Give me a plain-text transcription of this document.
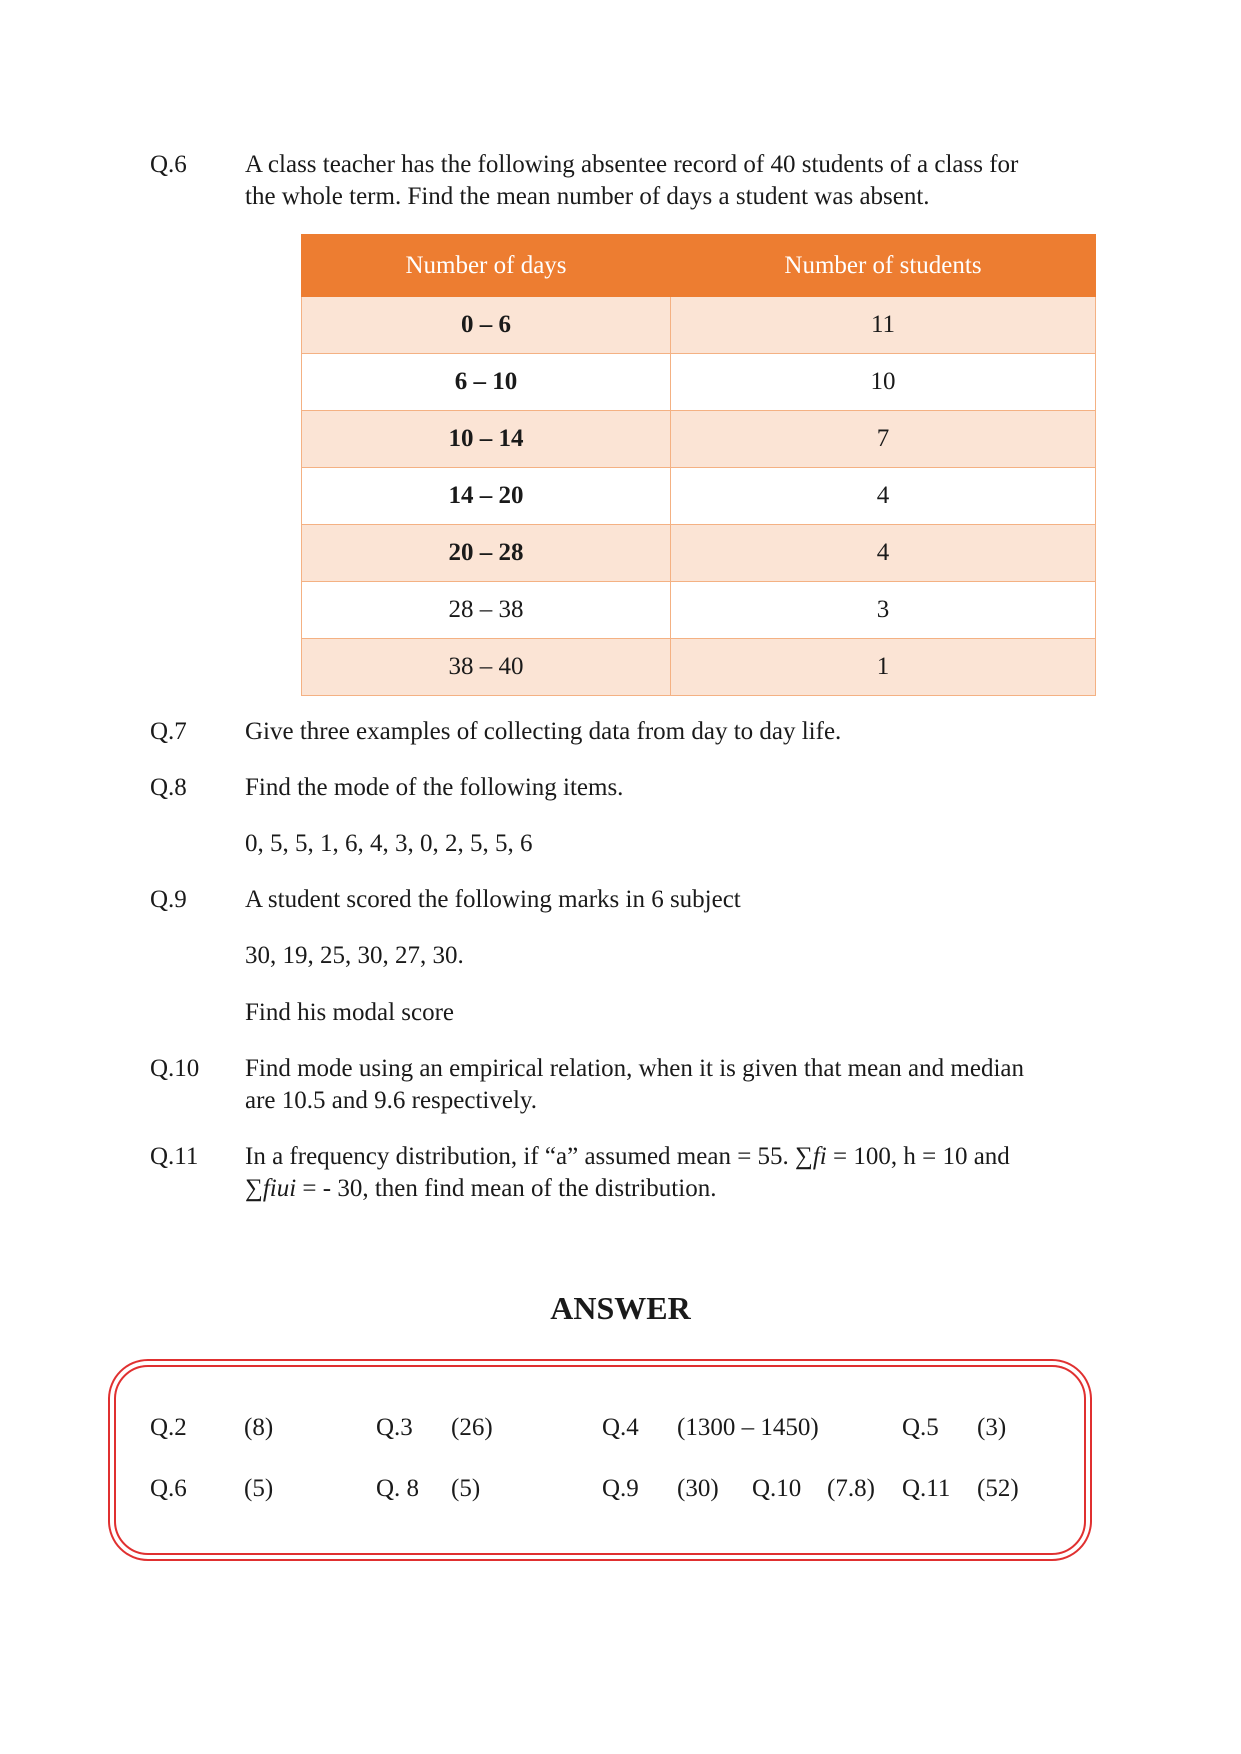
Q.6 A class teacher has the following absentee record of 40 students of a class for

the whole term. Find the mean number of days a student was absent.

Number of days	Number of students
0 – 6	11
6 – 10	10
10 – 14	7
14 – 20	4
20 – 28	4
28 – 38	3
38 – 40	1
Q.7 Give three examples of collecting data from day to day life.

Q.8 Find the mode of the following items.

0, 5, 5, 1, 6, 4, 3, 0, 2, 5, 5, 6
Q.9 A student scored the following marks in 6 subject

30, 19, 25, 30, 27, 30.
Find his modal score
Q.10 Find mode using an empirical relation, when it is given that mean and median

are 10.5 and 9.6 respectively.

Q.11 In a frequency distribution, if “a” assumed mean = 55. ∑fi = 100, h = 10 and

∑fiui = - 30, then find mean of the distribution.

ANSWER
Q.2 (8)	Q.3 (26)	Q.4 (1300 – 1450)	Q.5 (3)
Q.6 (5)	Q. 8 (5)	Q.9 (30) Q.10 (7.8) Q.11 (52)
